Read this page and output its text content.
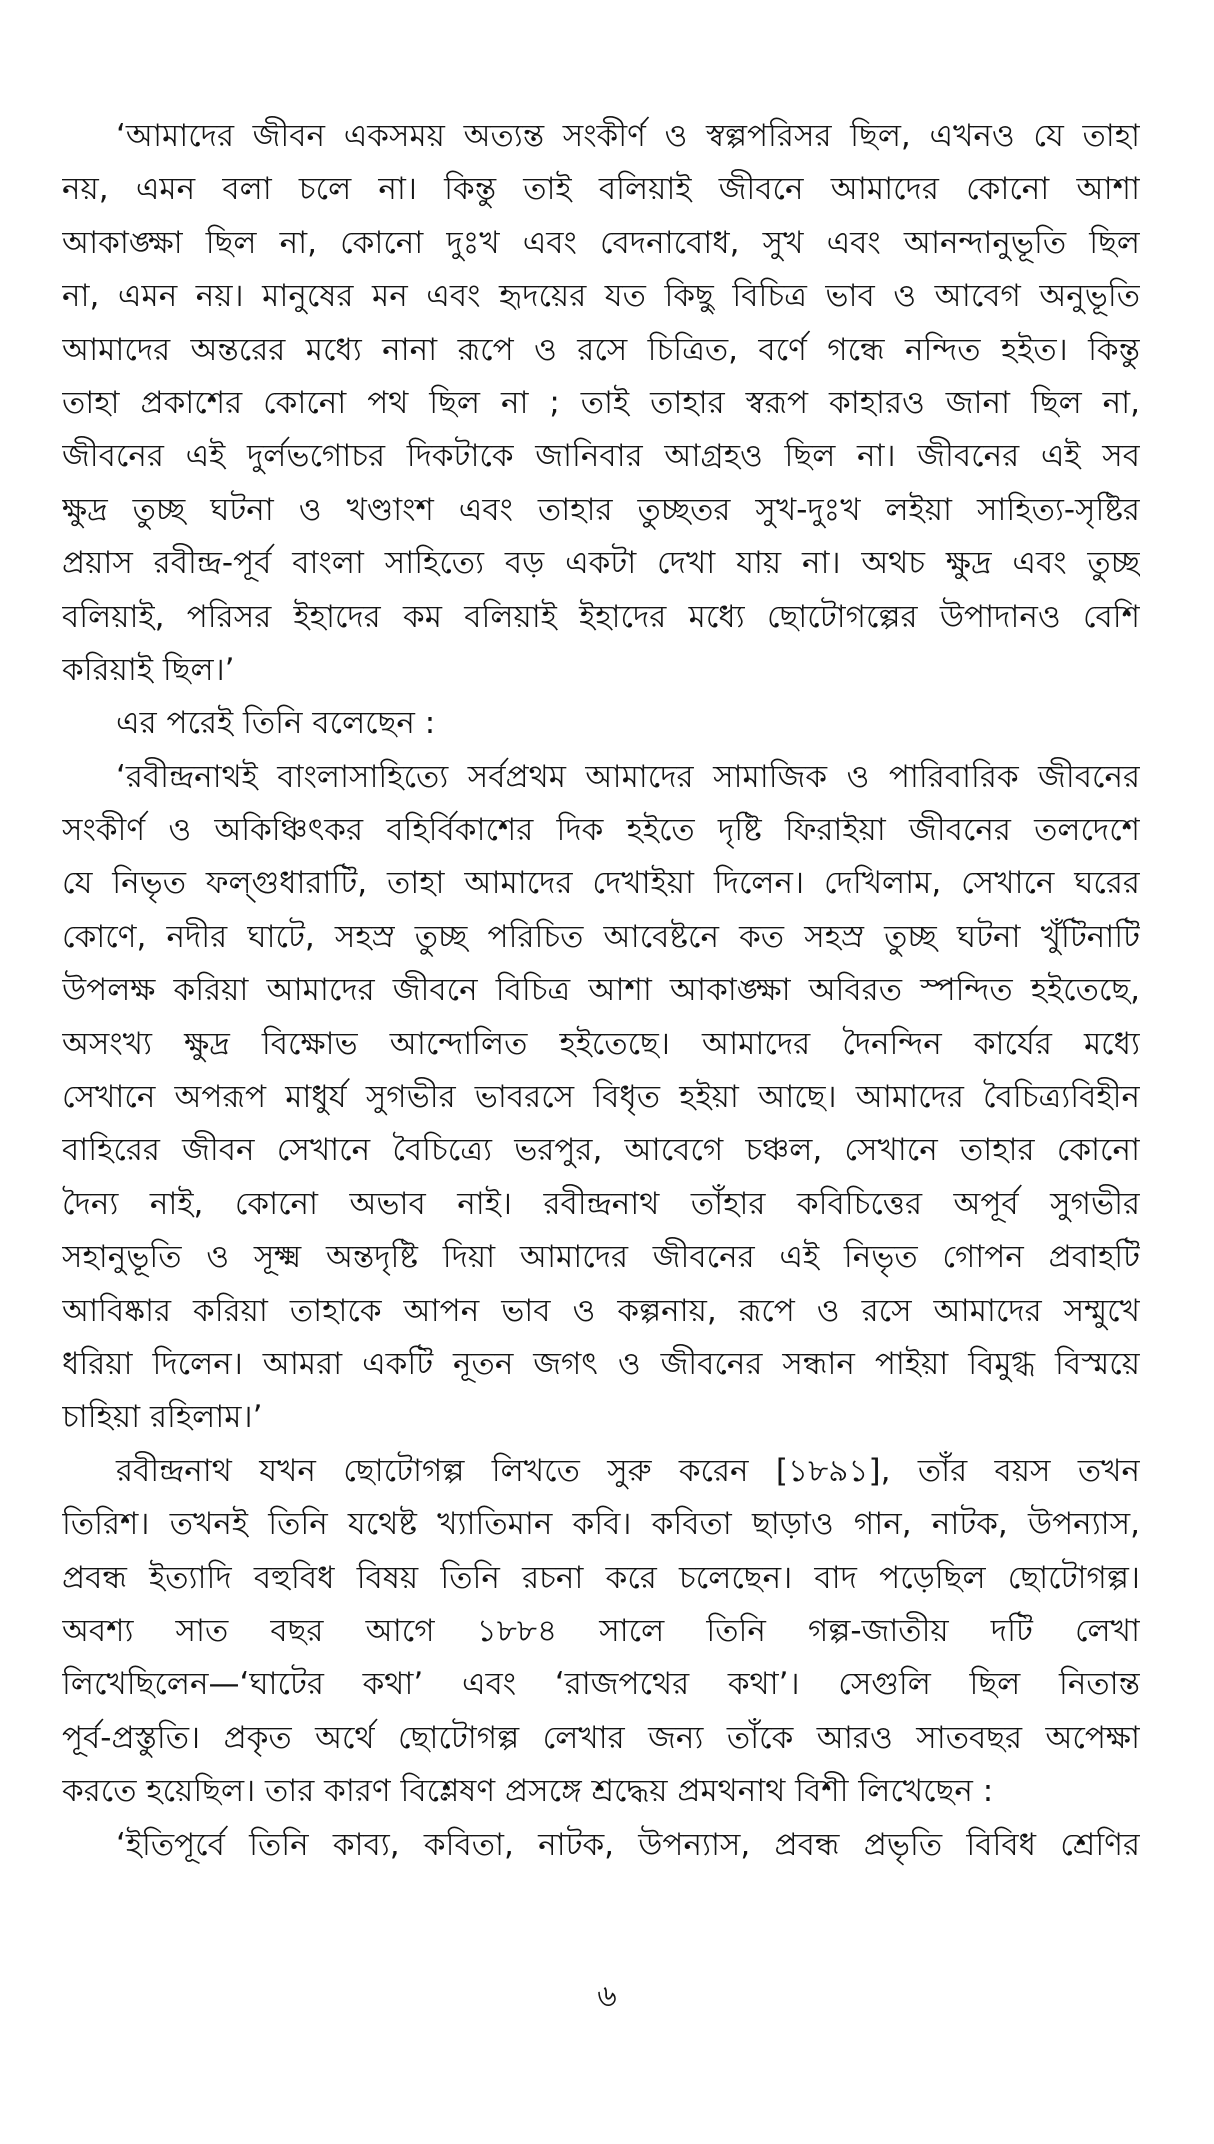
‘আমাদের জীবন একসময় অত্যন্ত সংকীর্ণ ও স্বল্পপরিসর ছিল, এখনও যে তাহা
নয়, এমন বলা চলে না। কিন্তু তাই বলিয়াই জীবনে আমাদের কোনো আশা
আকাঙ্ক্ষা ছিল না, কোনো দুঃখ এবং বেদনাবোধ, সুখ এবং আনন্দানুভূতি ছিল
না, এমন নয়। মানুষের মন এবং হৃদয়ের যত কিছু বিচিত্র ভাব ও আবেগ অনুভূতি
আমাদের অন্তরের মধ্যে নানা রূপে ও রসে চিত্রিত, বর্ণে গন্ধে নন্দিত হইত। কিন্তু
তাহা প্রকাশের কোনো পথ ছিল না ; তাই তাহার স্বরূপ কাহারও জানা ছিল না,
জীবনের এই দুর্লভগোচর দিকটাকে জানিবার আগ্রহও ছিল না। জীবনের এই সব
ক্ষুদ্র তুচ্ছ ঘটনা ও খণ্ডাংশ এবং তাহার তুচ্ছতর সুখ-দুঃখ লইয়া সাহিত্য-সৃষ্টির
প্রয়াস রবীন্দ্র-পূর্ব বাংলা সাহিত্যে বড় একটা দেখা যায় না। অথচ ক্ষুদ্র এবং তুচ্ছ
বলিয়াই, পরিসর ইহাদের কম বলিয়াই ইহাদের মধ্যে ছোটোগল্পের উপাদানও বেশি
করিয়াই ছিল।’
এর পরেই তিনি বলেছেন :
‘রবীন্দ্রনাথই বাংলাসাহিত্যে সর্বপ্রথম আমাদের সামাজিক ও পারিবারিক জীবনের
সংকীর্ণ ও অকিঞ্চিৎকর বহির্বিকাশের দিক হইতে দৃষ্টি ফিরাইয়া জীবনের তলদেশে
যে নিভৃত ফল্গুধারাটি, তাহা আমাদের দেখাইয়া দিলেন। দেখিলাম, সেখানে ঘরের
কোণে, নদীর ঘাটে, সহস্র তুচ্ছ পরিচিত আবেষ্টনে কত সহস্র তুচ্ছ ঘটনা খুঁটিনাটি
উপলক্ষ করিয়া আমাদের জীবনে বিচিত্র আশা আকাঙ্ক্ষা অবিরত স্পন্দিত হইতেছে,
অসংখ্য ক্ষুদ্র বিক্ষোভ আন্দোলিত হইতেছে। আমাদের দৈনন্দিন কার্যের মধ্যে
সেখানে অপরূপ মাধুর্য সুগভীর ভাবরসে বিধৃত হইয়া আছে। আমাদের বৈচিত্র্যবিহীন
বাহিরের জীবন সেখানে বৈচিত্র্যে ভরপুর, আবেগে চঞ্চল, সেখানে তাহার কোনো
দৈন্য নাই, কোনো অভাব নাই। রবীন্দ্রনাথ তাঁহার কবিচিত্তের অপূর্ব সুগভীর
সহানুভূতি ও সূক্ষ্ম অন্তদৃষ্টি দিয়া আমাদের জীবনের এই নিভৃত গোপন প্রবাহটি
আবিষ্কার করিয়া তাহাকে আপন ভাব ও কল্পনায়, রূপে ও রসে আমাদের সম্মুখে
ধরিয়া দিলেন। আমরা একটি নূতন জগৎ ও জীবনের সন্ধান পাইয়া বিমুগ্ধ বিস্ময়ে
চাহিয়া রহিলাম।’
রবীন্দ্রনাথ যখন ছোটোগল্প লিখতে সুরু করেন [১৮৯১], তাঁর বয়স তখন
তিরিশ। তখনই তিনি যথেষ্ট খ্যাতিমান কবি। কবিতা ছাড়াও গান, নাটক, উপন্যাস,
প্রবন্ধ ইত্যাদি বহুবিধ বিষয় তিনি রচনা করে চলেছেন। বাদ পড়েছিল ছোটোগল্প।
অবশ্য সাত বছর আগে ১৮৮৪ সালে তিনি গল্প-জাতীয় দটি লেখা
লিখেছিলেন—‘ঘাটের কথা’ এবং ‘রাজপথের কথা’। সেগুলি ছিল নিতান্ত
পূর্ব-প্রস্তুতি। প্রকৃত অর্থে ছোটোগল্প লেখার জন্য তাঁকে আরও সাতবছর অপেক্ষা
করতে হয়েছিল। তার কারণ বিশ্লেষণ প্রসঙ্গে শ্রদ্ধেয় প্রমথনাথ বিশী লিখেছেন :
‘ইতিপূর্বে তিনি কাব্য, কবিতা, নাটক, উপন্যাস, প্রবন্ধ প্রভৃতি বিবিধ শ্রেণির
৬
